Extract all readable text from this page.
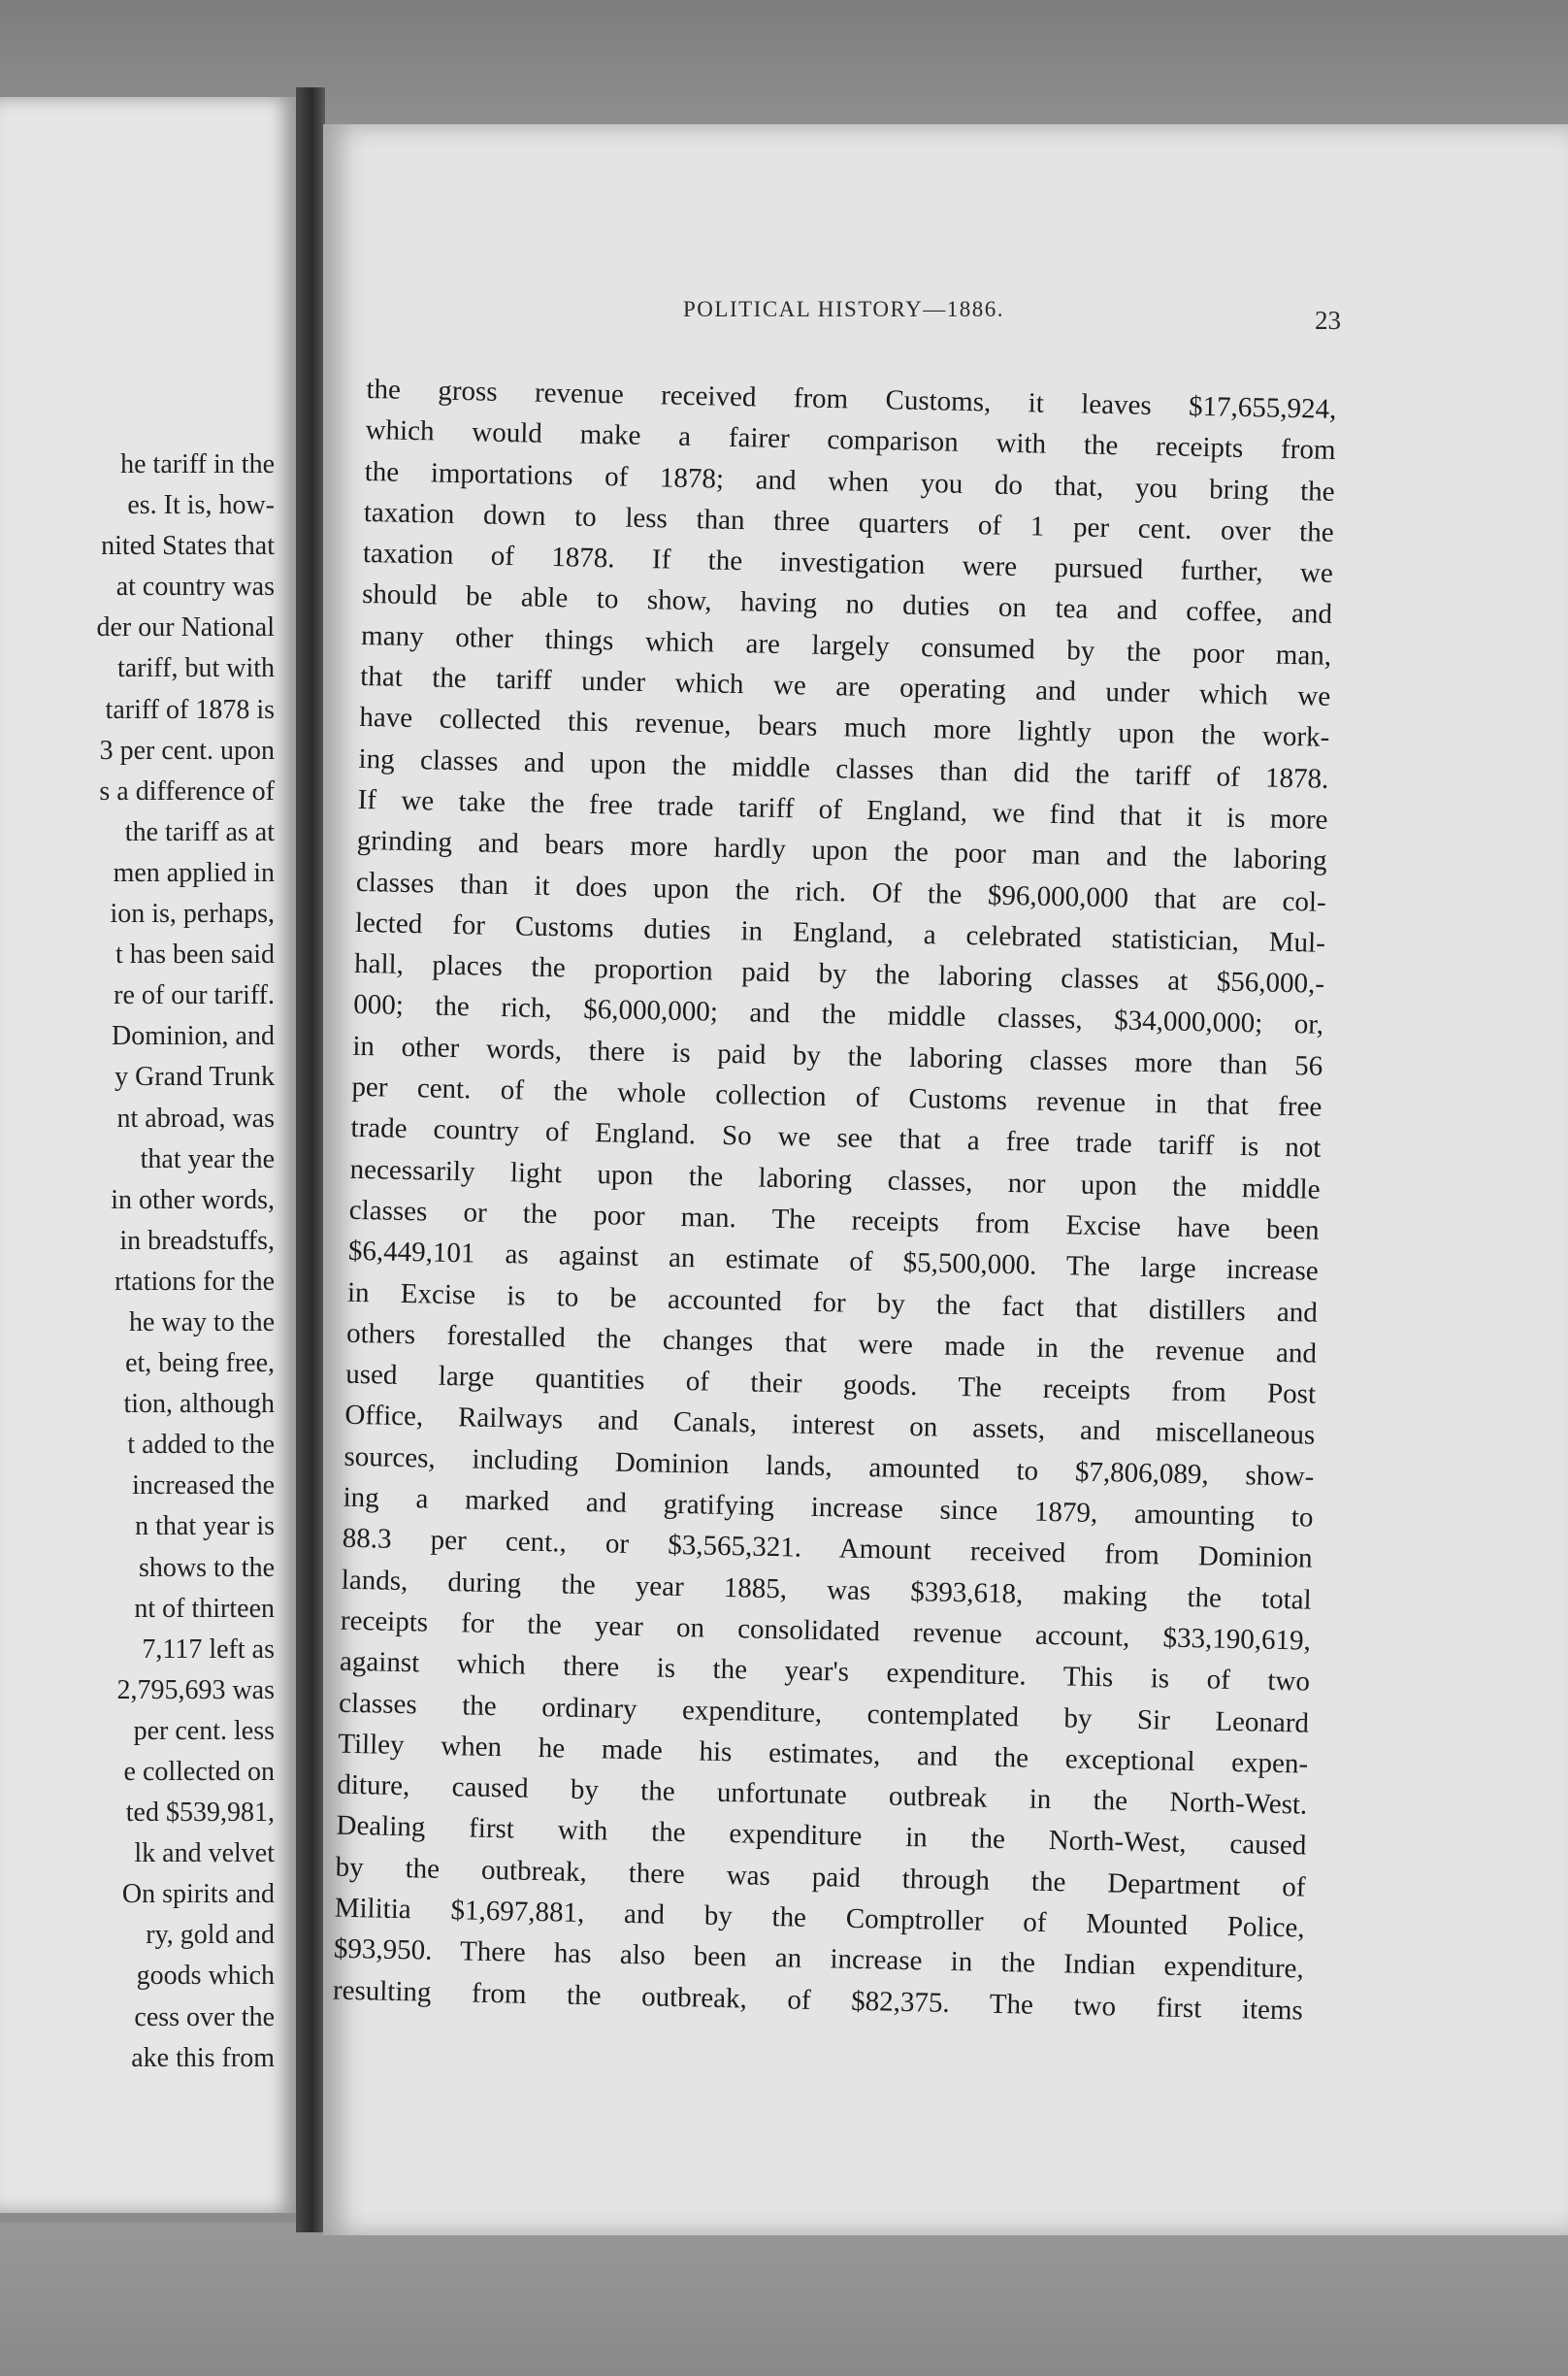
he tariff in the
es. It is, how-
nited States that
at country was
der our National
tariff, but with
tariff of 1878 is
3 per cent. upon
s a difference of
the tariff as at
men applied in
ion is, perhaps,
t has been said
re of our tariff.
Dominion, and
y Grand Trunk
nt abroad, was
that year the
in other words,
in breadstuffs,
rtations for the
he way to the
et, being free,
tion, although
t added to the
increased the
n that year is
shows to the
nt of thirteen
7,117 left as
2,795,693 was
per cent. less
e collected on
ted $539,981,
lk and velvet
On spirits and
ry, gold and
goods which
cess over the
ake this from
POLITICAL HISTORY—1886.	23
the gross revenue received from Customs, it leaves $17,655,924,
which would make a fairer comparison with the receipts from
the importations of 1878; and when you do that, you bring the
taxation down to less than three quarters of 1 per cent. over the
taxation of 1878. If the investigation were pursued further, we
should be able to show, having no duties on tea and coffee, and
many other things which are largely consumed by the poor man,
that the tariff under which we are operating and under which we
have collected this revenue, bears much more lightly upon the work-
ing classes and upon the middle classes than did the tariff of 1878.
If we take the free trade tariff of England, we find that it is more
grinding and bears more hardly upon the poor man and the laboring
classes than it does upon the rich. Of the $96,000,000 that are col-
lected for Customs duties in England, a celebrated statistician, Mul-
hall, places the proportion paid by the laboring classes at $56,000,-
000; the rich, $6,000,000; and the middle classes, $34,000,000; or,
in other words, there is paid by the laboring classes more than 56
per cent. of the whole collection of Customs revenue in that free
trade country of England. So we see that a free trade tariff is not
necessarily light upon the laboring classes, nor upon the middle
classes or the poor man. The receipts from Excise have been
$6,449,101 as against an estimate of $5,500,000. The large increase
in Excise is to be accounted for by the fact that distillers and
others forestalled the changes that were made in the revenue and
used large quantities of their goods. The receipts from Post
Office, Railways and Canals, interest on assets, and miscellaneous
sources, including Dominion lands, amounted to $7,806,089, show-
ing a marked and gratifying increase since 1879, amounting to
88.3 per cent., or $3,565,321. Amount received from Dominion
lands, during the year 1885, was $393,618, making the total
receipts for the year on consolidated revenue account, $33,190,619,
against which there is the year's expenditure. This is of two
classes the ordinary expenditure, contemplated by Sir Leonard
Tilley when he made his estimates, and the exceptional expen-
diture, caused by the unfortunate outbreak in the North-West.
Dealing first with the expenditure in the North-West, caused
by the outbreak, there was paid through the Department of
Militia $1,697,881, and by the Comptroller of Mounted Police,
$93,950. There has also been an increase in the Indian expenditure,
resulting from the outbreak, of $82,375. The two first items
